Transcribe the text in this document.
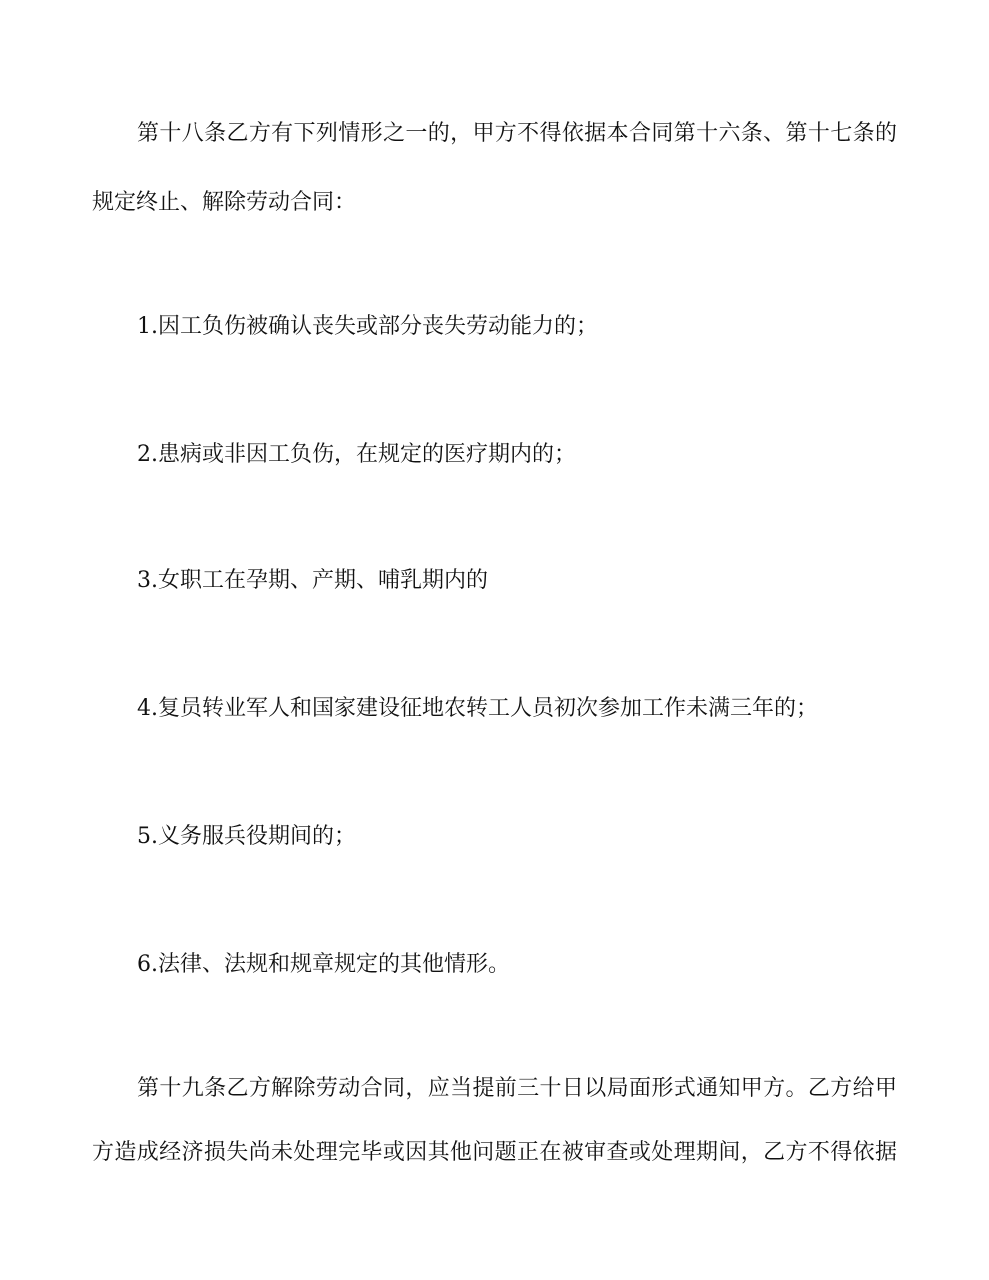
第十八条乙方有下列情形之一的，甲方不得依据本合同第十六条、第十七条的

规定终止、解除劳动合同：

1.因工负伤被确认丧失或部分丧失劳动能力的；

2.患病或非因工负伤，在规定的医疗期内的；

3.女职工在孕期、产期、哺乳期内的

4.复员转业军人和国家建设征地农转工人员初次参加工作未满三年的；

5.义务服兵役期间的；

6.法律、法规和规章规定的其他情形。

第十九条乙方解除劳动合同，应当提前三十日以局面形式通知甲方。乙方给甲

方造成经济损失尚未处理完毕或因其他问题正在被审查或处理期间，乙方不得依据
